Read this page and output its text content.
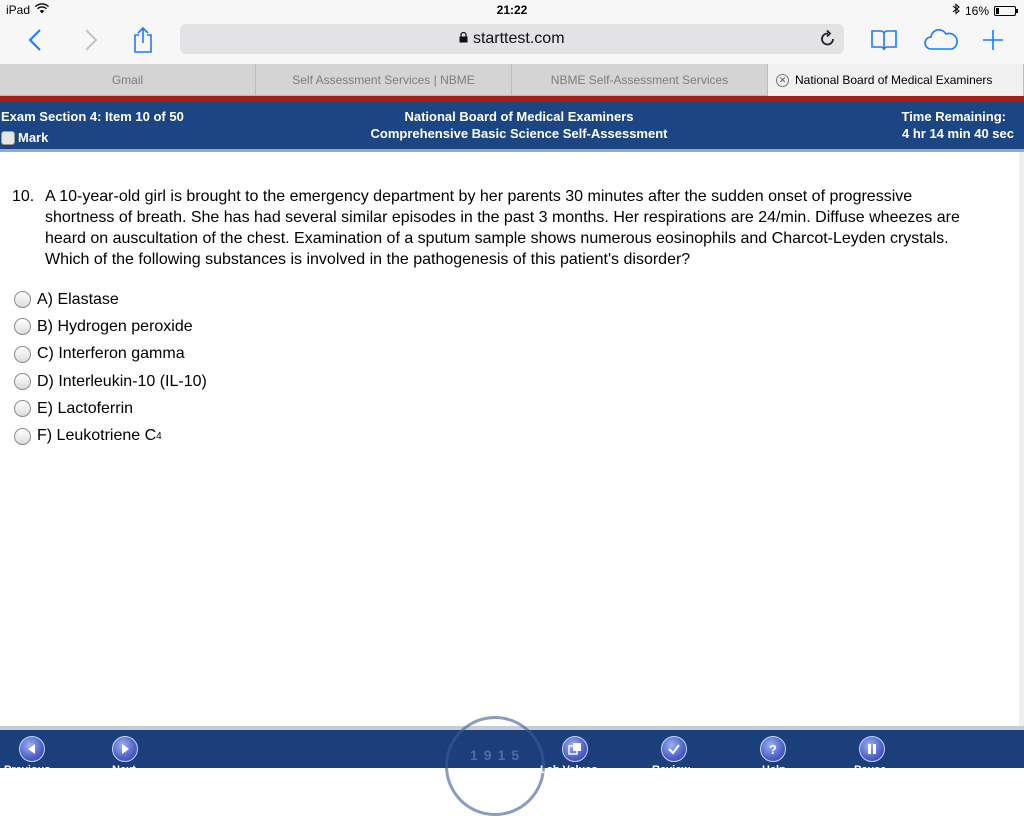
iPad	21:22	16%
starttest.com
Gmail	Self Assessment Services | NBME	NBME Self-Assessment Services	✕ National Board of Medical Examiners
Exam Section 4: Item 10 of 50
Mark
National Board of Medical Examiners
Comprehensive Basic Science Self-Assessment
Time Remaining:
4 hr 14 min 40 sec
10. A 10-year-old girl is brought to the emergency department by her parents 30 minutes after the sudden onset of progressive shortness of breath. She has had several similar episodes in the past 3 months. Her respirations are 24/min. Diffuse wheezes are heard on auscultation of the chest. Examination of a sputum sample shows numerous eosinophils and Charcot-Leyden crystals. Which of the following substances is involved in the pathogenesis of this patient's disorder?
A) Elastase
B) Hydrogen peroxide
C) Interferon gamma
D) Interleukin-10 (IL-10)
E) Lactoferrin
F) Leukotriene C 4
1915
Previous	Next	Lab Values	Review
?
Help	Pause
